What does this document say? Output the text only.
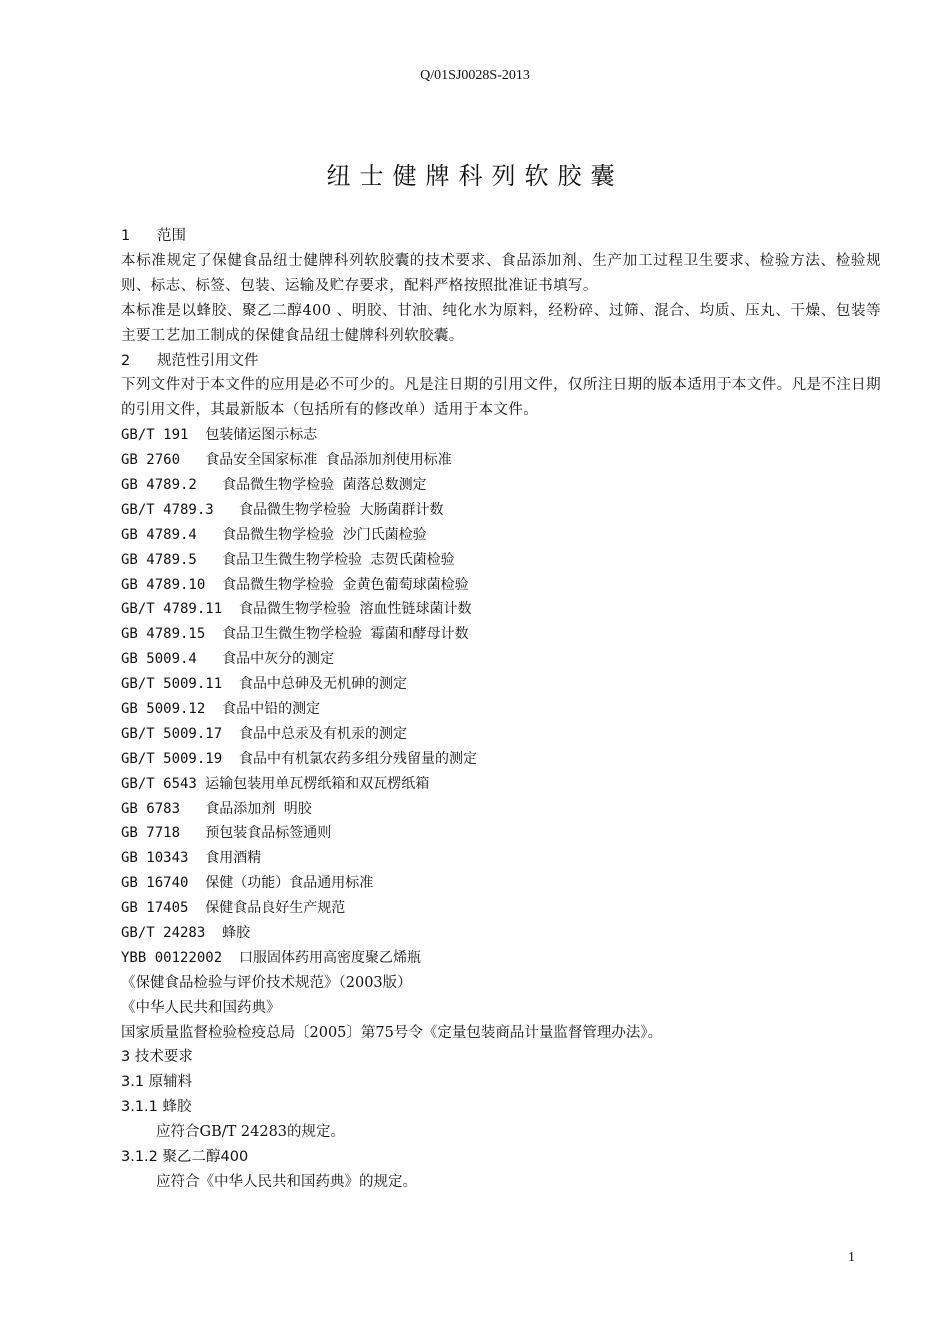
Q/01SJ0028S-2013
纽士健牌科列软胶囊
1 范围
本标准规定了保健食品纽士健牌科列软胶囊的技术要求、食品添加剂、生产加工过程卫生要求、检验方法、检验规则、标志、标签、包装、运输及贮存要求，配料严格按照批准证书填写。
本标准是以蜂胶、聚乙二醇400 、明胶、甘油、纯化水为原料，经粉碎、过筛、混合、均质、压丸、干燥、包装等主要工艺加工制成的保健食品纽士健牌科列软胶囊。
2 规范性引用文件
下列文件对于本文件的应用是必不可少的。凡是注日期的引用文件，仅所注日期的版本适用于本文件。凡是不注日期的引用文件，其最新版本（包括所有的修改单）适用于本文件。
GB/T 191  包装储运图示标志
GB 2760   食品安全国家标准 食品添加剂使用标准
GB 4789.2   食品微生物学检验 菌落总数测定
GB/T 4789.3   食品微生物学检验 大肠菌群计数
GB 4789.4   食品微生物学检验 沙门氏菌检验
GB 4789.5   食品卫生微生物学检验 志贺氏菌检验
GB 4789.10  食品微生物学检验 金黄色葡萄球菌检验
GB/T 4789.11  食品微生物学检验 溶血性链球菌计数
GB 4789.15  食品卫生微生物学检验 霉菌和酵母计数
GB 5009.4   食品中灰分的测定
GB/T 5009.11  食品中总砷及无机砷的测定
GB 5009.12  食品中铅的测定
GB/T 5009.17  食品中总汞及有机汞的测定
GB/T 5009.19  食品中有机氯农药多组分残留量的测定
GB/T 6543 运输包装用单瓦楞纸箱和双瓦楞纸箱
GB 6783   食品添加剂 明胶
GB 7718   预包装食品标签通则
GB 10343  食用酒精
GB 16740  保健（功能）食品通用标准
GB 17405  保健食品良好生产规范
GB/T 24283  蜂胶
YBB 00122002  口服固体药用高密度聚乙烯瓶
《保健食品检验与评价技术规范》（2003版）
《中华人民共和国药典》
国家质量监督检验检疫总局〔2005〕第75号令《定量包装商品计量监督管理办法》。
3 技术要求
3.1 原辅料
3.1.1 蜂胶
应符合GB/T 24283的规定。
3.1.2 聚乙二醇400
应符合《中华人民共和国药典》的规定。
1
